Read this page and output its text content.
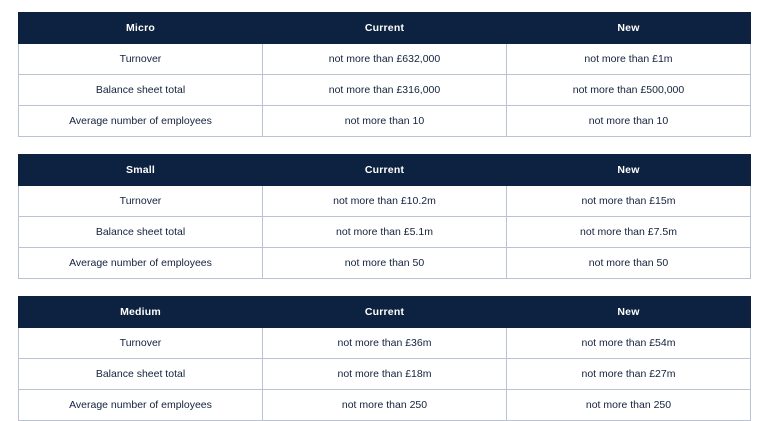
Micro	Current	New
Turnover	not more than £632,000	not more than £1m
Balance sheet total	not more than £316,000	not more than £500,000
Average number of employees	not more than 10	not more than 10
Small	Current	New
Turnover	not more than £10.2m	not more than £15m
Balance sheet total	not more than £5.1m	not more than £7.5m
Average number of employees	not more than 50	not more than 50
Medium	Current	New
Turnover	not more than £36m	not more than £54m
Balance sheet total	not more than £18m	not more than £27m
Average number of employees	not more than 250	not more than 250
